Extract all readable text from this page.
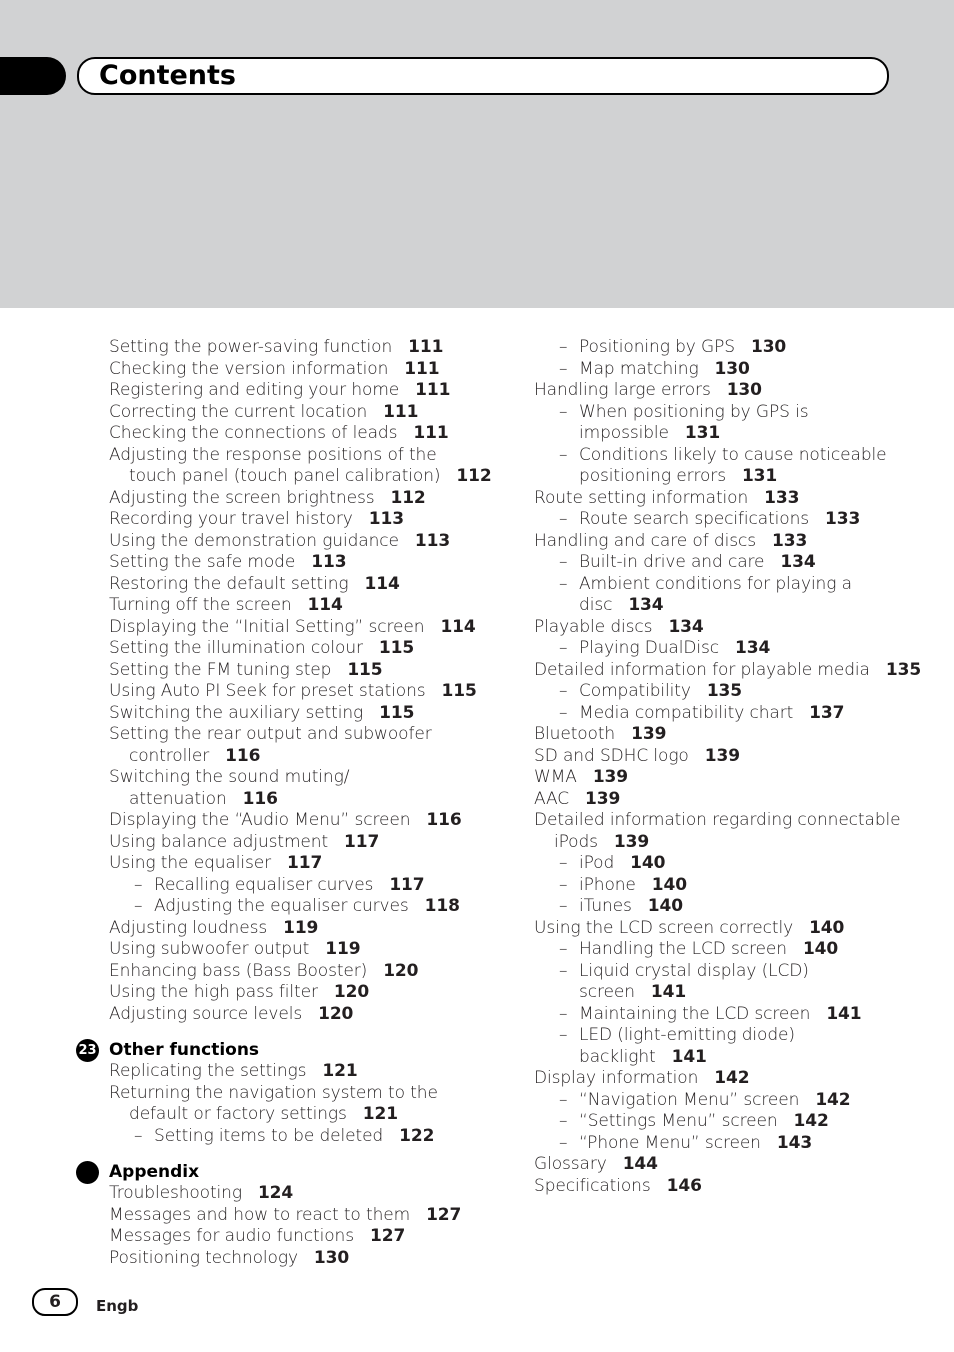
Contents
Setting the power-saving function 111
Checking the version information 111
Registering and editing your home 111
Correcting the current location 111
Checking the connections of leads 111
Adjusting the response positions of the
touch panel (touch panel calibration) 112
Adjusting the screen brightness 112
Recording your travel history 113
Using the demonstration guidance 113
Setting the safe mode 113
Restoring the default setting 114
Turning off the screen 114
Displaying the “Initial Setting” screen 114
Setting the illumination colour 115
Setting the FM tuning step 115
Using Auto PI Seek for preset stations 115
Switching the auxiliary setting 115
Setting the rear output and subwoofer
controller 116
Switching the sound muting/
attenuation 116
Displaying the “Audio Menu” screen 116
Using balance adjustment 117
Using the equaliser 117
– Recalling equaliser curves 117
– Adjusting the equaliser curves 118
Adjusting loudness 119
Using subwoofer output 119
Enhancing bass (Bass Booster) 120
Using the high pass filter 120
Adjusting source levels 120
23 Other functions
Replicating the settings 121
Returning the navigation system to the
default or factory settings 121
– Setting items to be deleted 122
Appendix
Troubleshooting 124
Messages and how to react to them 127
Messages for audio functions 127
Positioning technology 130
– Positioning by GPS 130
– Map matching 130
Handling large errors 130
– When positioning by GPS is
impossible 131
– Conditions likely to cause noticeable
positioning errors 131
Route setting information 133
– Route search specifications 133
Handling and care of discs 133
– Built-in drive and care 134
– Ambient conditions for playing a
disc 134
Playable discs 134
– Playing DualDisc 134
Detailed information for playable media 135
– Compatibility 135
– Media compatibility chart 137
Bluetooth 139
SD and SDHC logo 139
WMA 139
AAC 139
Detailed information regarding connectable
iPods 139
– iPod 140
– iPhone 140
– iTunes 140
Using the LCD screen correctly 140
– Handling the LCD screen 140
– Liquid crystal display (LCD)
screen 141
– Maintaining the LCD screen 141
– LED (light-emitting diode)
backlight 141
Display information 142
– “Navigation Menu” screen 142
– “Settings Menu” screen 142
– “Phone Menu” screen 143
Glossary 144
Specifications 146
6	Engb
